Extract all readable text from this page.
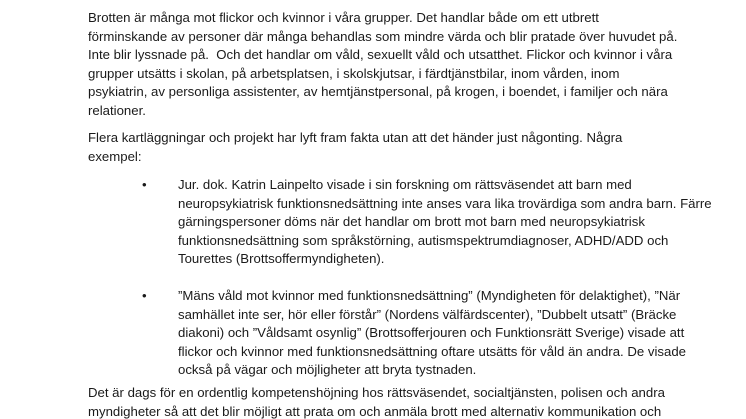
Brotten är många mot flickor och kvinnor i våra grupper. Det handlar både om ett utbrett
förminskande av personer där många behandlas som mindre värda och blir pratade över huvudet på.
Inte blir lyssnade på.  Och det handlar om våld, sexuellt våld och utsatthet. Flickor och kvinnor i våra
grupper utsätts i skolan, på arbetsplatsen, i skolskjutsar, i färdtjänstbilar, inom vården, inom
psykiatrin, av personliga assistenter, av hemtjänstpersonal, på krogen, i boendet, i familjer och nära
relationer.

Flera kartläggningar och projekt har lyft fram fakta utan att det händer just någonting. Några
exempel:

• Jur. dok. Katrin Lainpelto visade i sin forskning om rättsväsendet att barn med
neuropsykiatrisk funktionsnedsättning inte anses vara lika trovärdiga som andra barn. Färre
gärningspersoner döms när det handlar om brott mot barn med neuropsykiatrisk
funktionsnedsättning som språkstörning, autismspektrumdiagnoser, ADHD/ADD och
Tourettes (Brottsoffermyndigheten).

• ”Mäns våld mot kvinnor med funktionsnedsättning” (Myndigheten för delaktighet), ”När
samhället inte ser, hör eller förstår” (Nordens välfärdscenter), ”Dubbelt utsatt” (Bräcke
diakoni) och ”Våldsamt osynlig” (Brottsofferjouren och Funktionsrätt Sverige) visade att
flickor och kvinnor med funktionsnedsättning oftare utsätts för våld än andra. De visade
också på vägar och möjligheter att bryta tystnaden.

Det är dags för en ordentlig kompetenshöjning hos rättsväsendet, socialtjänsten, polisen och andra
myndigheter så att det blir möjligt att prata om och anmäla brott med alternativ kommunikation och
